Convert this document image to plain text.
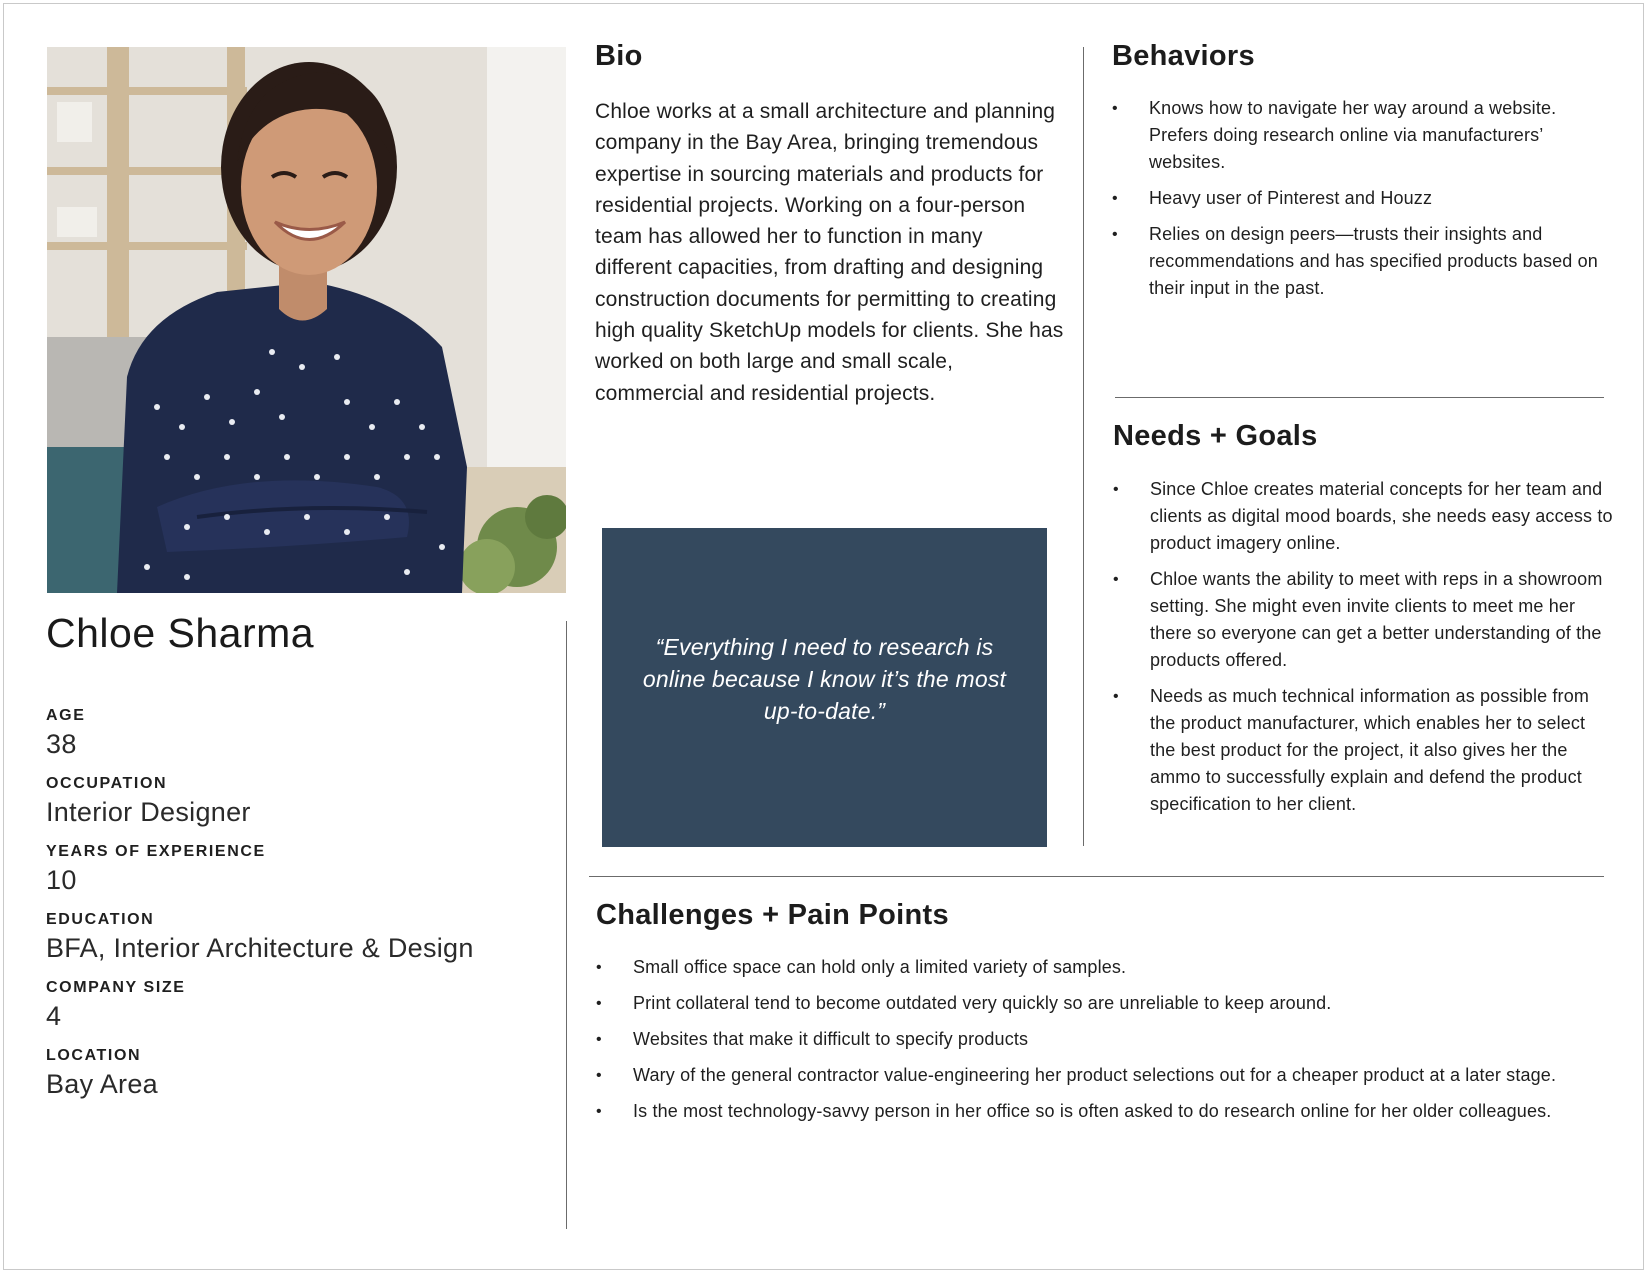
Chloe Sharma
AGE
38
OCCUPATION
Interior Designer
YEARS OF EXPERIENCE
10
EDUCATION
BFA, Interior Architecture & Design
COMPANY SIZE
4
LOCATION
Bay Area
Bio

Chloe works at a small architecture and planning company in the Bay Area, bringing tremendous expertise in sourcing materials and products for residential projects. Working on a four-person team has allowed her to function in many different capacities, from drafting and designing construction documents for permitting to creating high quality SketchUp models for clients. She has worked on both large and small scale, commercial and residential projects.

“Everything I need to research is online because I know it’s the most up-to-date.”

Behaviors
• Knows how to navigate her way around a website. Prefers doing research online via manufacturers’ websites.
• Heavy user of Pinterest and Houzz
• Relies on design peers—trusts their insights and recommendations and has specified products based on their input in the past.
Needs + Goals
• Since Chloe creates material concepts for her team and clients as digital mood boards, she needs easy access to product imagery online.
• Chloe wants the ability to meet with reps in a showroom setting. She might even invite clients to meet me her there so everyone can get a better understanding of the products offered.
• Needs as much technical information as possible from the product manufacturer, which enables her to select the best product for the project, it also gives her the ammo to successfully explain and defend the product specification to her client.
Challenges + Pain Points
• Small office space can hold only a limited variety of samples.
• Print collateral tend to become outdated very quickly so are unreliable to keep around.
• Websites that make it difficult to specify products
• Wary of the general contractor value-engineering her product selections out for a cheaper product at a later stage.
• Is the most technology-savvy person in her office so is often asked to do research online for her older colleagues.
